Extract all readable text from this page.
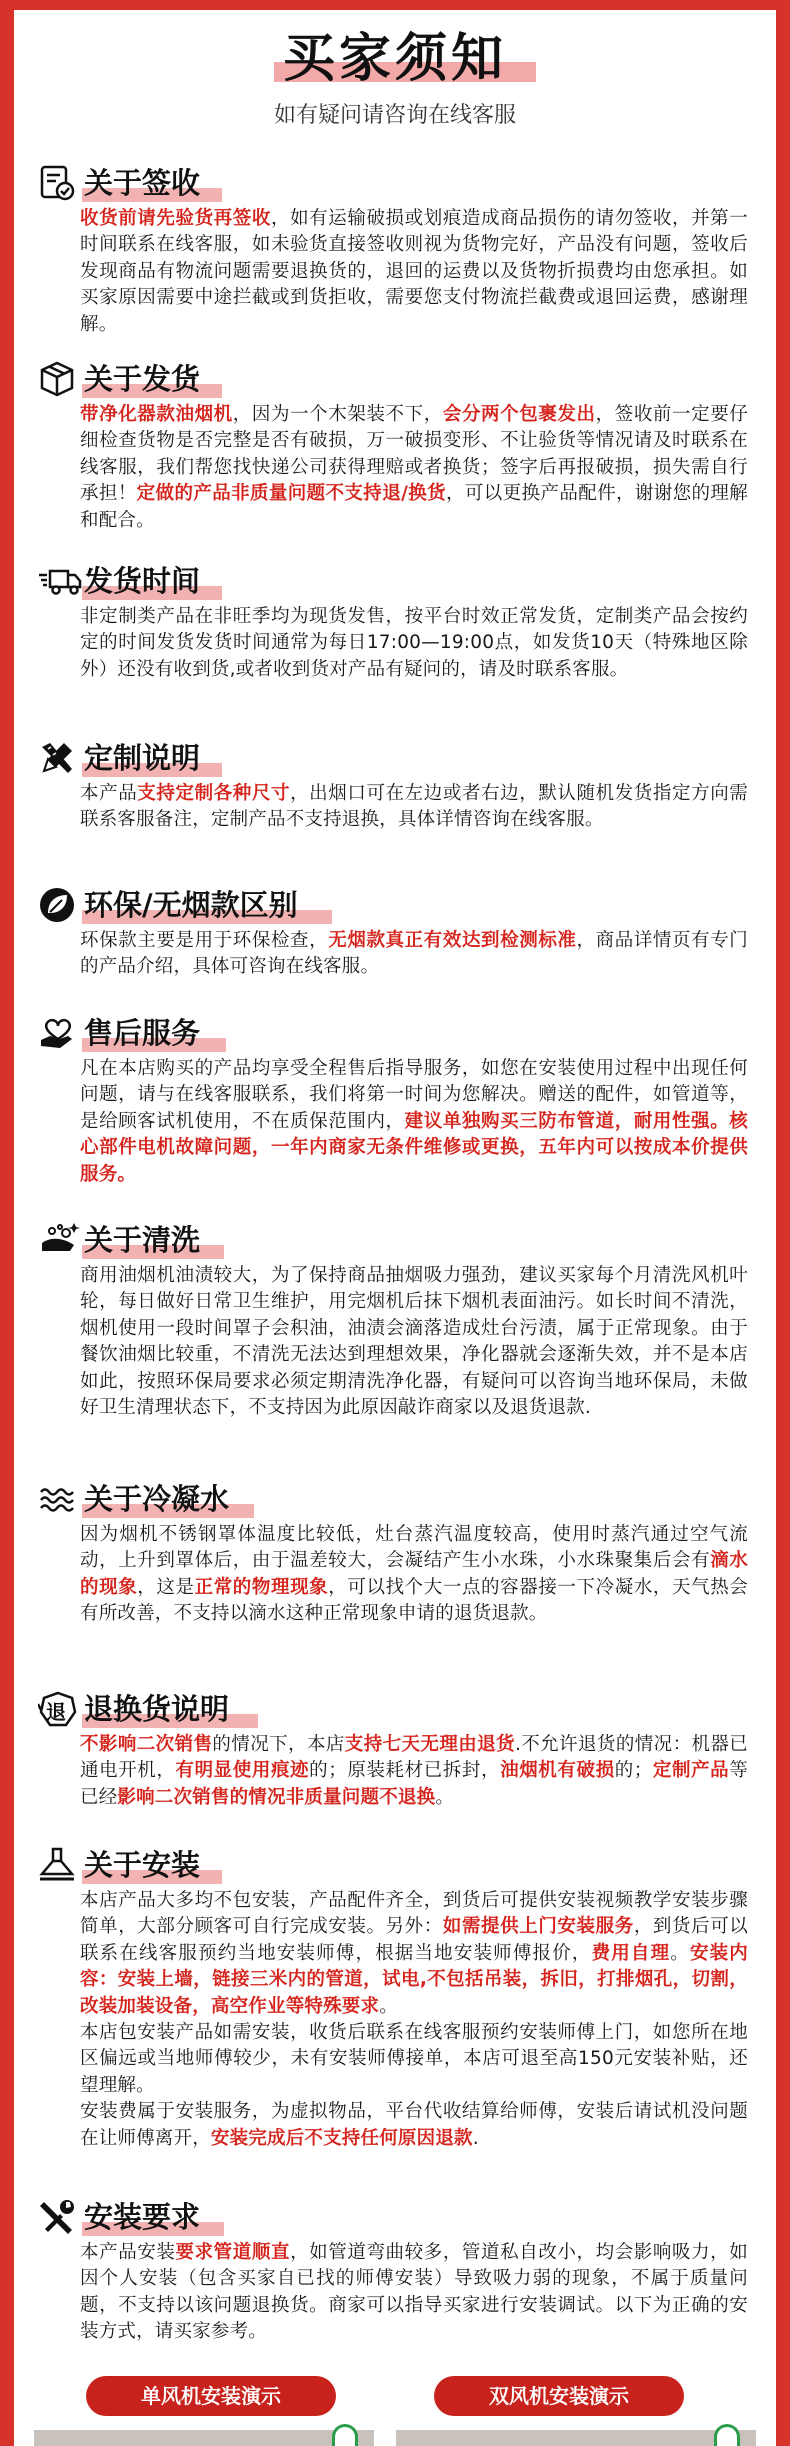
买家须知
如有疑问请咨询在线客服
关于签收
收货前请先验货再签收，如有运输破损或划痕造成商品损伤的请勿签收，并第一时间联系在线客服，如未验货直接签收则视为货物完好，产品没有问题，签收后发现商品有物流问题需要退换货的，退回的运费以及货物折损费均由您承担。如买家原因需要中途拦截或到货拒收，需要您支付物流拦截费或退回运费，感谢理解。
关于发货
带净化器款油烟机，因为一个木架装不下，会分两个包裹发出，签收前一定要仔细检查货物是否完整是否有破损，万一破损变形、不让验货等情况请及时联系在线客服，我们帮您找快递公司获得理赔或者换货；签字后再报破损，损失需自行承担！定做的产品非质量问题不支持退/换货，可以更换产品配件，谢谢您的理解和配合。
发货时间
非定制类产品在非旺季均为现货发售，按平台时效正常发货，定制类产品会按约定的时间发货发货时间通常为每日17:00—19:00点，如发货10天（特殊地区除外）还没有收到货,或者收到货对产品有疑问的，请及时联系客服。
定制说明
本产品支持定制各种尺寸，出烟口可在左边或者右边，默认随机发货指定方向需联系客服备注，定制产品不支持退换，具体详情咨询在线客服。
环保/无烟款区别
环保款主要是用于环保检查，无烟款真正有效达到检测标准，商品详情页有专门的产品介绍，具体可咨询在线客服。
售后服务
凡在本店购买的产品均享受全程售后指导服务，如您在安装使用过程中出现任何问题，请与在线客服联系，我们将第一时间为您解决。赠送的配件，如管道等，是给顾客试机使用，不在质保范围内，建议单独购买三防布管道，耐用性强。核心部件电机故障问题，一年内商家无条件维修或更换，五年内可以按成本价提供服务。
关于清洗
商用油烟机油渍较大，为了保持商品抽烟吸力强劲，建议买家每个月清洗风机叶轮，每日做好日常卫生维护，用完烟机后抹下烟机表面油污。如长时间不清洗，烟机使用一段时间罩子会积油，油渍会滴落造成灶台污渍，属于正常现象。由于餐饮油烟比较重，不清洗无法达到理想效果，净化器就会逐渐失效，并不是本店如此，按照环保局要求必须定期清洗净化器，有疑问可以咨询当地环保局，未做好卫生清理状态下，不支持因为此原因敲诈商家以及退货退款.
关于冷凝水
因为烟机不锈钢罩体温度比较低，灶台蒸汽温度较高，使用时蒸汽通过空气流动，上升到罩体后，由于温差较大，会凝结产生小水珠，小水珠聚集后会有滴水的现象，这是正常的物理现象，可以找个大一点的容器接一下冷凝水，天气热会有所改善，不支持以滴水这种正常现象申请的退货退款。
退 退换货说明
不影响二次销售的情况下，本店支持七天无理由退货.不允许退货的情况：机器已通电开机，有明显使用痕迹的；原装耗材已拆封，油烟机有破损的；定制产品等已经影响二次销售的情况非质量问题不退换。
关于安装
本店产品大多均不包安装，产品配件齐全，到货后可提供安装视频教学安装步骤简单，大部分顾客可自行完成安装。另外：如需提供上门安装服务，到货后可以联系在线客服预约当地安装师傅，根据当地安装师傅报价，费用自理。安装内容：安装上墙，链接三米内的管道，试电,不包括吊装，拆旧，打排烟孔，切割，改装加装设备，高空作业等特殊要求。
本店包安装产品如需安装，收货后联系在线客服预约安装师傅上门，如您所在地区偏远或当地师傅较少，未有安装师傅接单，本店可退至高150元安装补贴，还望理解。
安装费属于安装服务，为虚拟物品，平台代收结算给师傅，安装后请试机没问题在让师傅离开，安装完成后不支持任何原因退款.
安装要求
本产品安装要求管道顺直，如管道弯曲较多，管道私自改小，均会影响吸力，如因个人安装（包含买家自已找的师傅安装）导致吸力弱的现象，不属于质量问题，不支持以该问题退换货。商家可以指导买家进行安装调试。以下为正确的安装方式，请买家参考。
单风机安装演示	双风机安装演示
